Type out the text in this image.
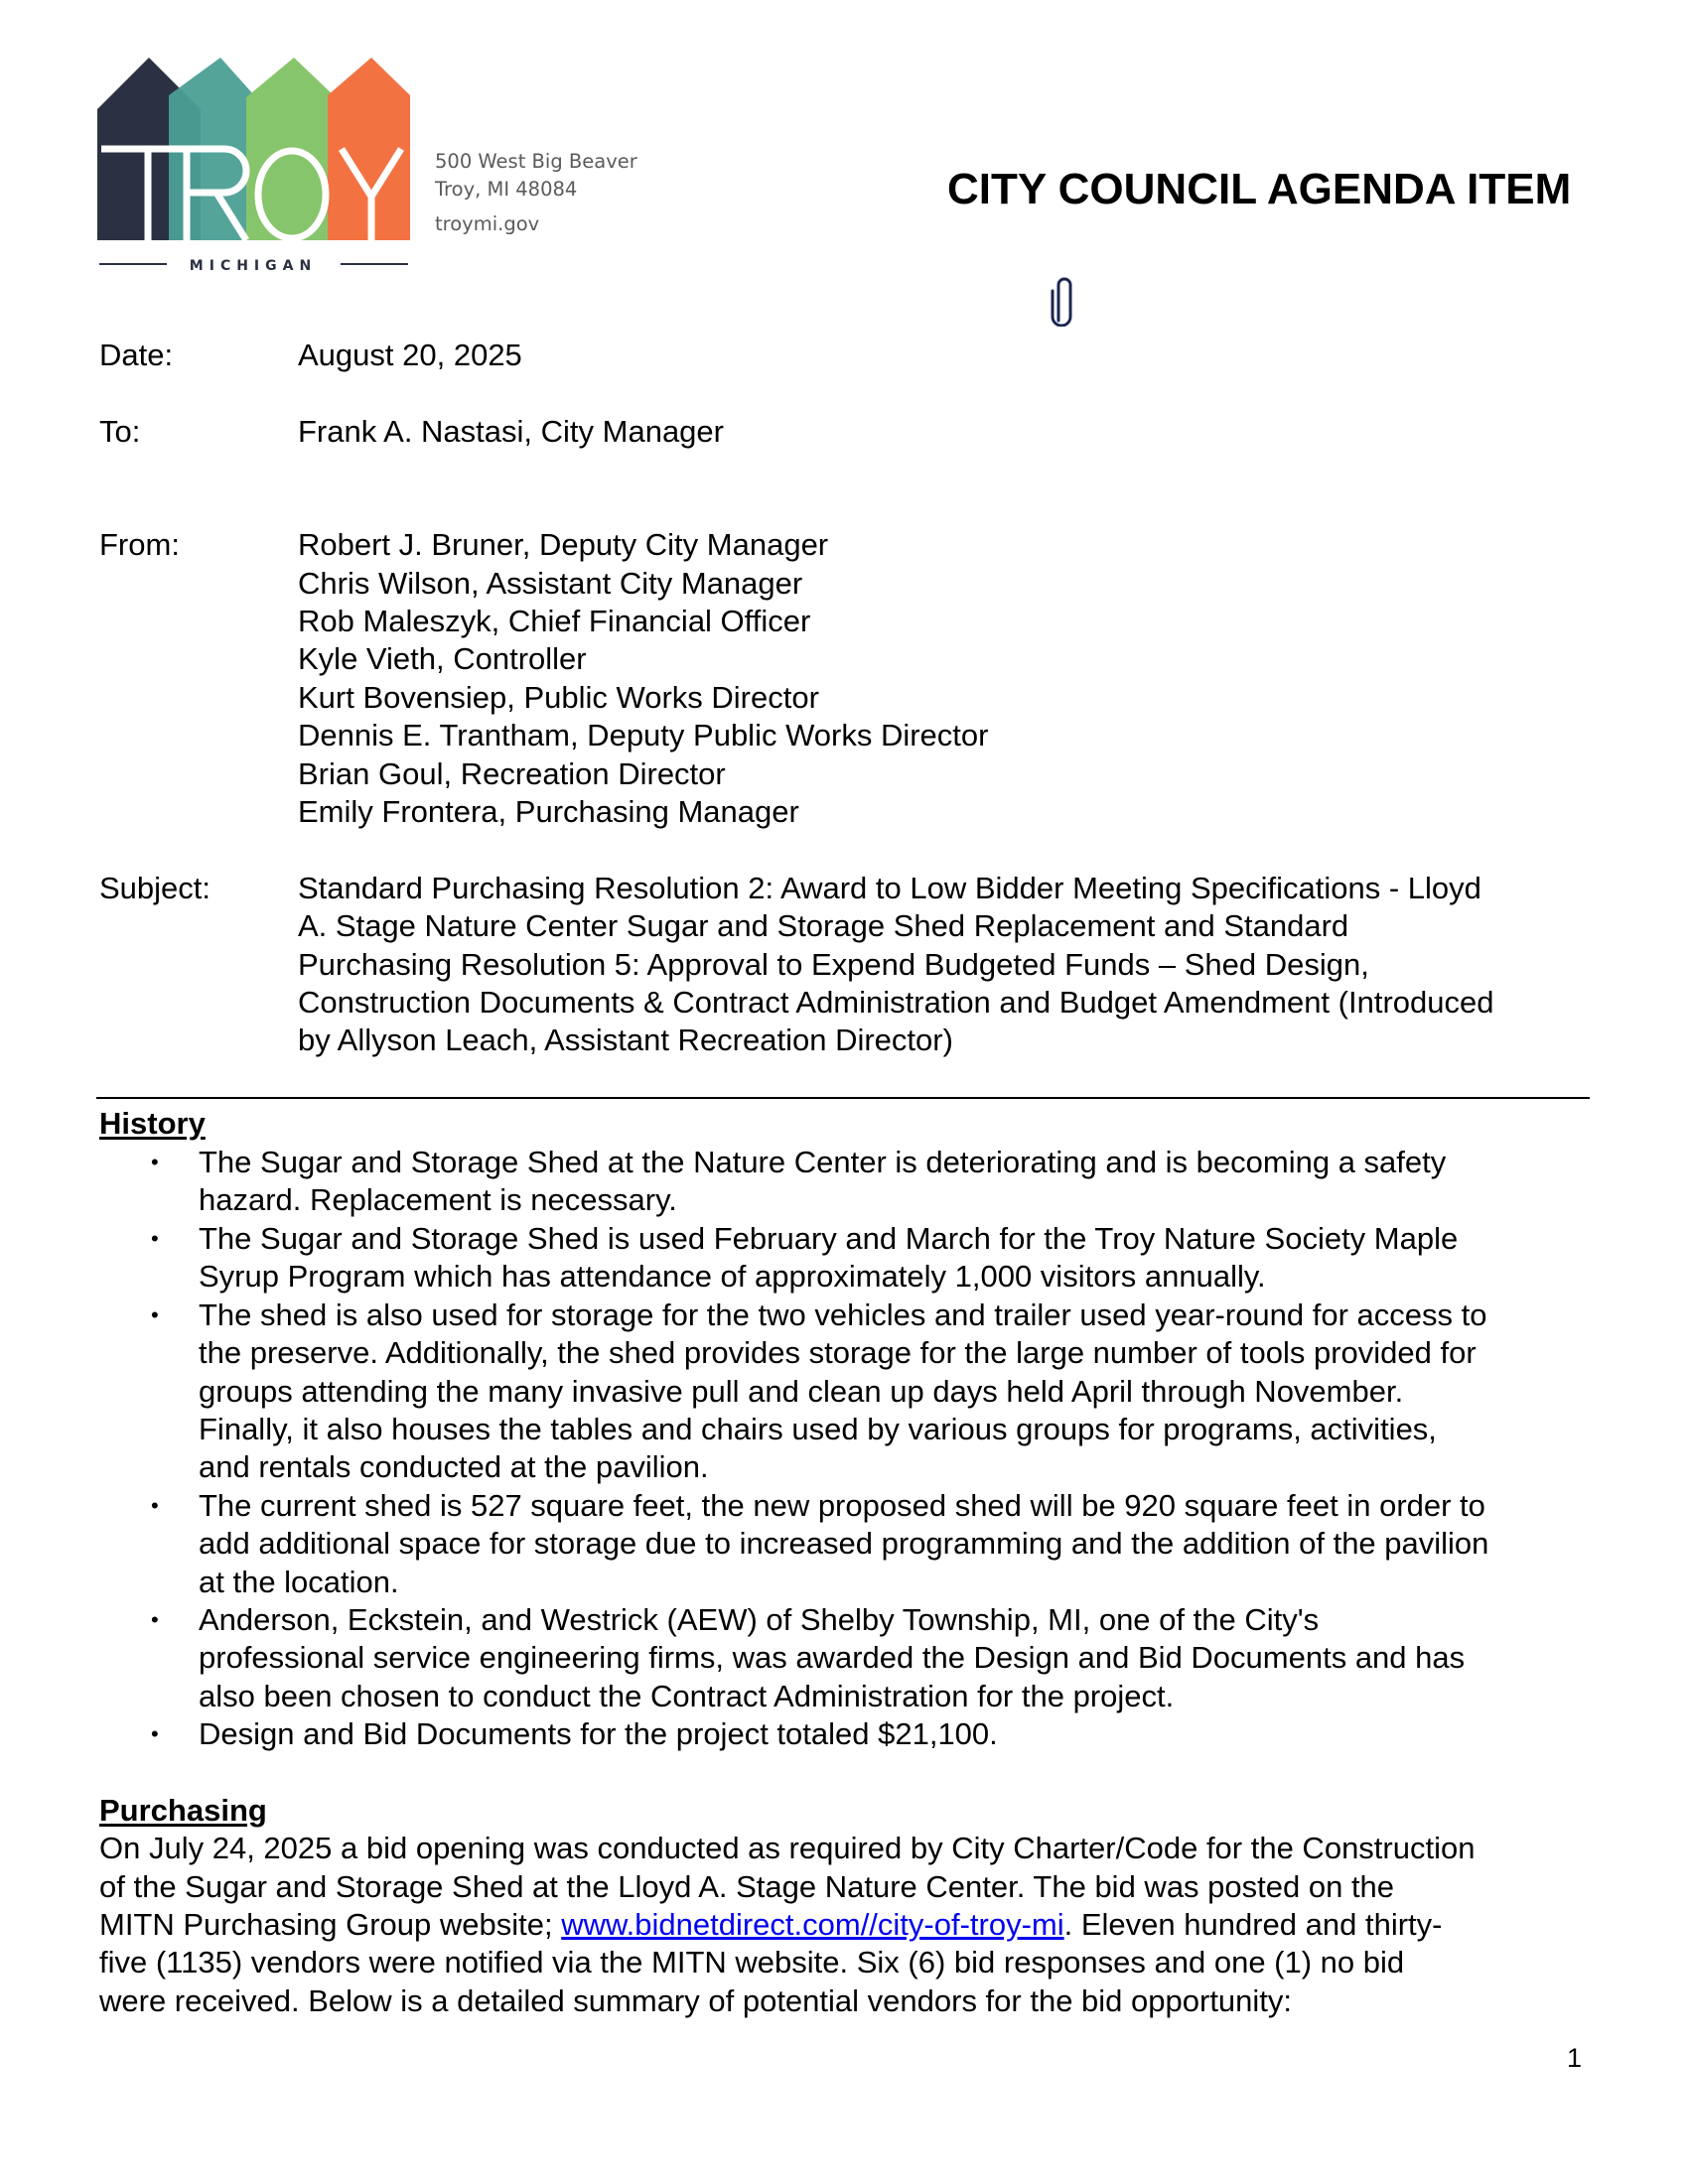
MICHIGAN
500 West Big Beaver
Troy, MI 48084
troymi.gov
CITY COUNCIL AGENDA ITEM
Date:	August 20, 2025
To:	Frank A. Nastasi, City Manager
From:	Robert J. Bruner, Deputy City Manager
Chris Wilson, Assistant City Manager
Rob Maleszyk, Chief Financial Officer
Kyle Vieth, Controller
Kurt Bovensiep, Public Works Director
Dennis E. Trantham, Deputy Public Works Director
Brian Goul, Recreation Director
Emily Frontera, Purchasing Manager
Subject:	Standard Purchasing Resolution 2: Award to Low Bidder Meeting Specifications - Lloyd
A. Stage Nature Center Sugar and Storage Shed Replacement and Standard
Purchasing Resolution 5: Approval to Expend Budgeted Funds – Shed Design,
Construction Documents & Contract Administration and Budget Amendment (Introduced
by Allyson Leach, Assistant Recreation Director)
History
• The Sugar and Storage Shed at the Nature Center is deteriorating and is becoming a safety
hazard. Replacement is necessary.
• The Sugar and Storage Shed is used February and March for the Troy Nature Society Maple
Syrup Program which has attendance of approximately 1,000 visitors annually.
• The shed is also used for storage for the two vehicles and trailer used year-round for access to
the preserve. Additionally, the shed provides storage for the large number of tools provided for
groups attending the many invasive pull and clean up days held April through November.
Finally, it also houses the tables and chairs used by various groups for programs, activities,
and rentals conducted at the pavilion.
• The current shed is 527 square feet, the new proposed shed will be 920 square feet in order to
add additional space for storage due to increased programming and the addition of the pavilion
at the location.
• Anderson, Eckstein, and Westrick (AEW) of Shelby Township, MI, one of the City's
professional service engineering firms, was awarded the Design and Bid Documents and has
also been chosen to conduct the Contract Administration for the project.
• Design and Bid Documents for the project totaled $21,100.
Purchasing
On July 24, 2025 a bid opening was conducted as required by City Charter/Code for the Construction
of the Sugar and Storage Shed at the Lloyd A. Stage Nature Center. The bid was posted on the
MITN Purchasing Group website; www.bidnetdirect.com//city-of-troy-mi. Eleven hundred and thirty-
five (1135) vendors were notified via the MITN website. Six (6) bid responses and one (1) no bid
were received. Below is a detailed summary of potential vendors for the bid opportunity:
1
